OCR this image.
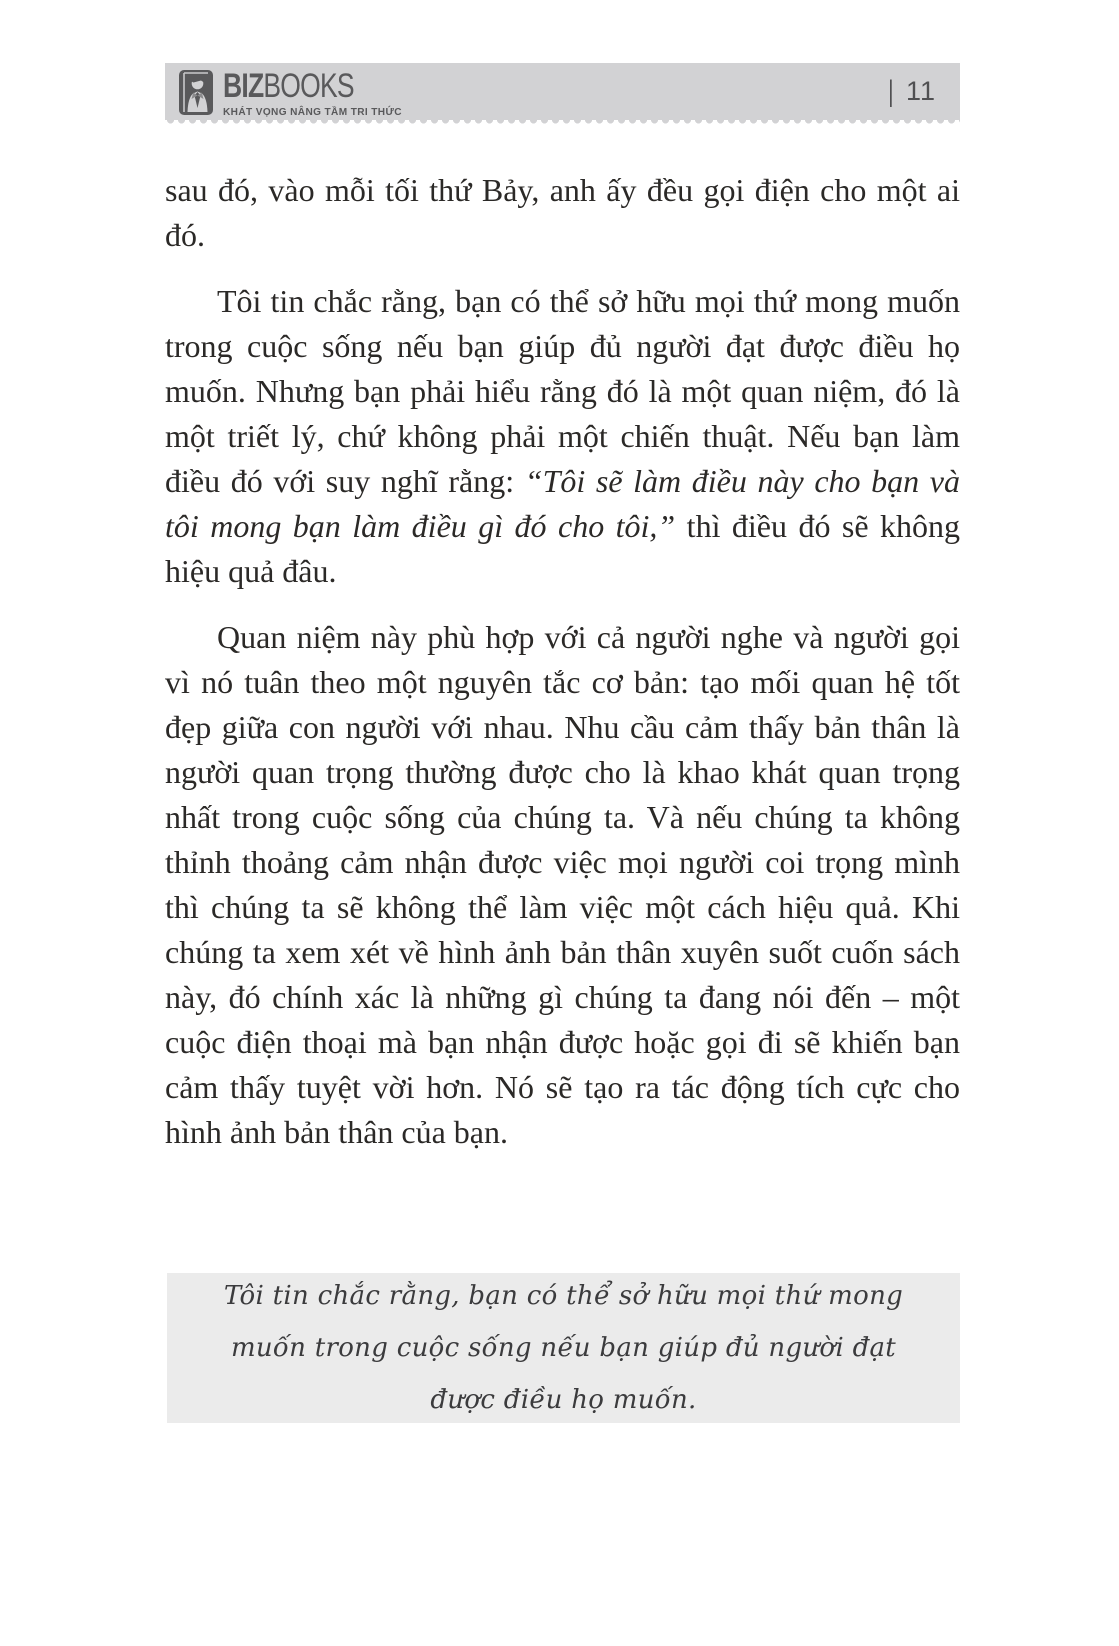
BIZBOOKS
KHÁT VỌNG NÂNG TẦM TRI THỨC
| 11

sau đó, vào mỗi tối thứ Bảy, anh ấy đều gọi điện cho một ai đó.

Tôi tin chắc rằng, bạn có thể sở hữu mọi thứ mong muốn trong cuộc sống nếu bạn giúp đủ người đạt được điều họ muốn. Nhưng bạn phải hiểu rằng đó là một quan niệm, đó là một triết lý, chứ không phải một chiến thuật. Nếu bạn làm điều đó với suy nghĩ rằng: “Tôi sẽ làm điều này cho bạn và tôi mong bạn làm điều gì đó cho tôi,” thì điều đó sẽ không hiệu quả đâu.

Quan niệm này phù hợp với cả người nghe và người gọi vì nó tuân theo một nguyên tắc cơ bản: tạo mối quan hệ tốt đẹp giữa con người với nhau. Nhu cầu cảm thấy bản thân là người quan trọng thường được cho là khao khát quan trọng nhất trong cuộc sống của chúng ta. Và nếu chúng ta không thỉnh thoảng cảm nhận được việc mọi người coi trọng mình thì chúng ta sẽ không thể làm việc một cách hiệu quả. Khi chúng ta xem xét về hình ảnh bản thân xuyên suốt cuốn sách này, đó chính xác là những gì chúng ta đang nói đến – một cuộc điện thoại mà bạn nhận được hoặc gọi đi sẽ khiến bạn cảm thấy tuyệt vời hơn. Nó sẽ tạo ra tác động tích cực cho hình ảnh bản thân của bạn.

Tôi tin chắc rằng, bạn có thể sở hữu mọi thứ mong muốn trong cuộc sống nếu bạn giúp đủ người đạt được điều họ muốn.
